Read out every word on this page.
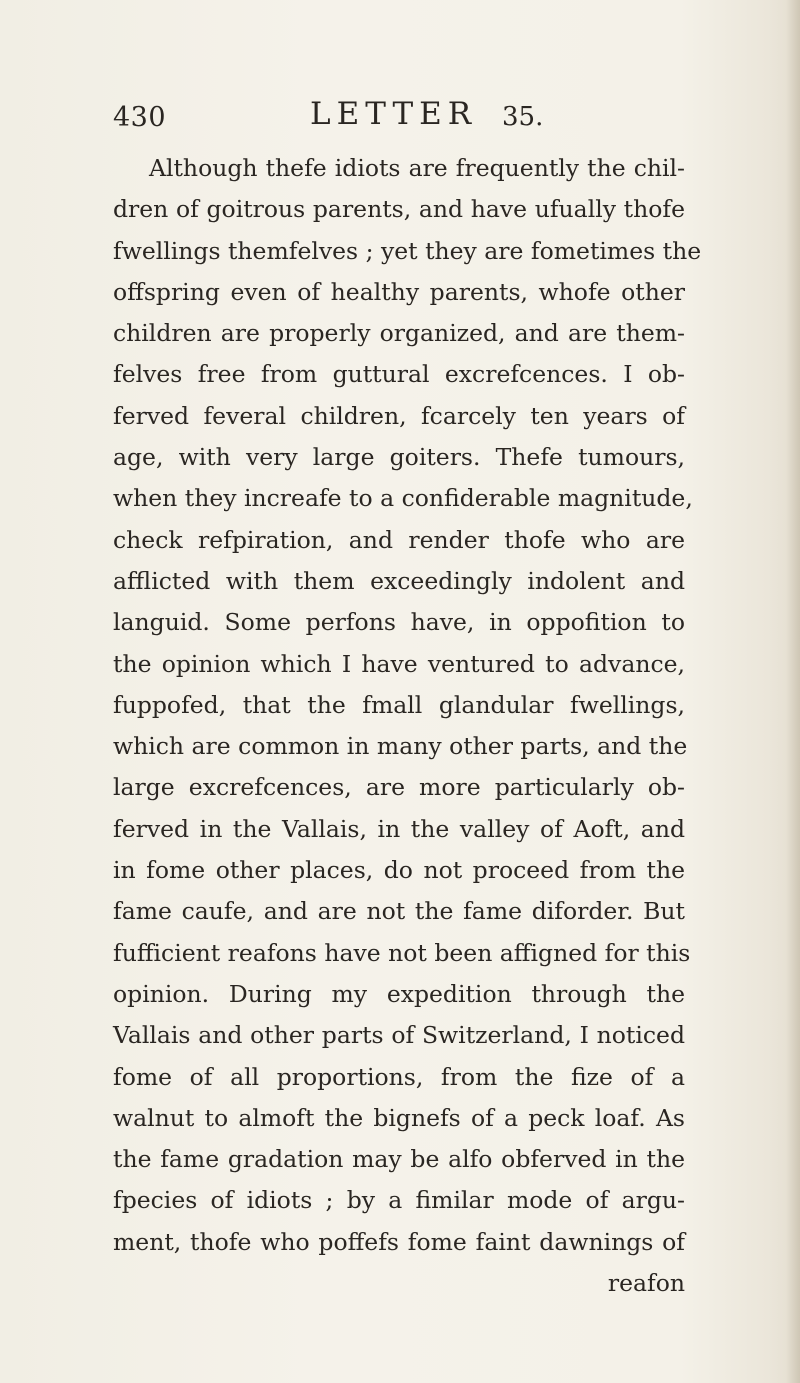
430	LETTER 35.
Although thefe idiots are frequently the chil-
dren of goitrous parents, and have ufually thofe
fwellings themfelves ; yet they are fometimes the
offspring even of healthy parents, whofe other
children are properly organized, and are them-
felves free from guttural excrefcences. I ob-
ferved feveral children, fcarcely ten years of
age, with very large goiters. Thefe tumours,
when they increafe to a confiderable magnitude,
check refpiration, and render thofe who are
afflicted with them exceedingly indolent and
languid. Some perfons have, in oppofition to
the opinion which I have ventured to advance,
fuppofed, that the fmall glandular fwellings,
which are common in many other parts, and the
large excrefcences, are more particularly ob-
ferved in the Vallais, in the valley of Aoft, and
in fome other places, do not proceed from the
fame caufe, and are not the fame diforder. But
fufficient reafons have not been affigned for this
opinion. During my expedition through the
Vallais and other parts of Switzerland, I noticed
fome of all proportions, from the fize of a
walnut to almoft the bignefs of a peck loaf. As
the fame gradation may be alfo obferved in the
fpecies of idiots ; by a fimilar mode of argu-
ment, thofe who poffefs fome faint dawnings of
reafon
